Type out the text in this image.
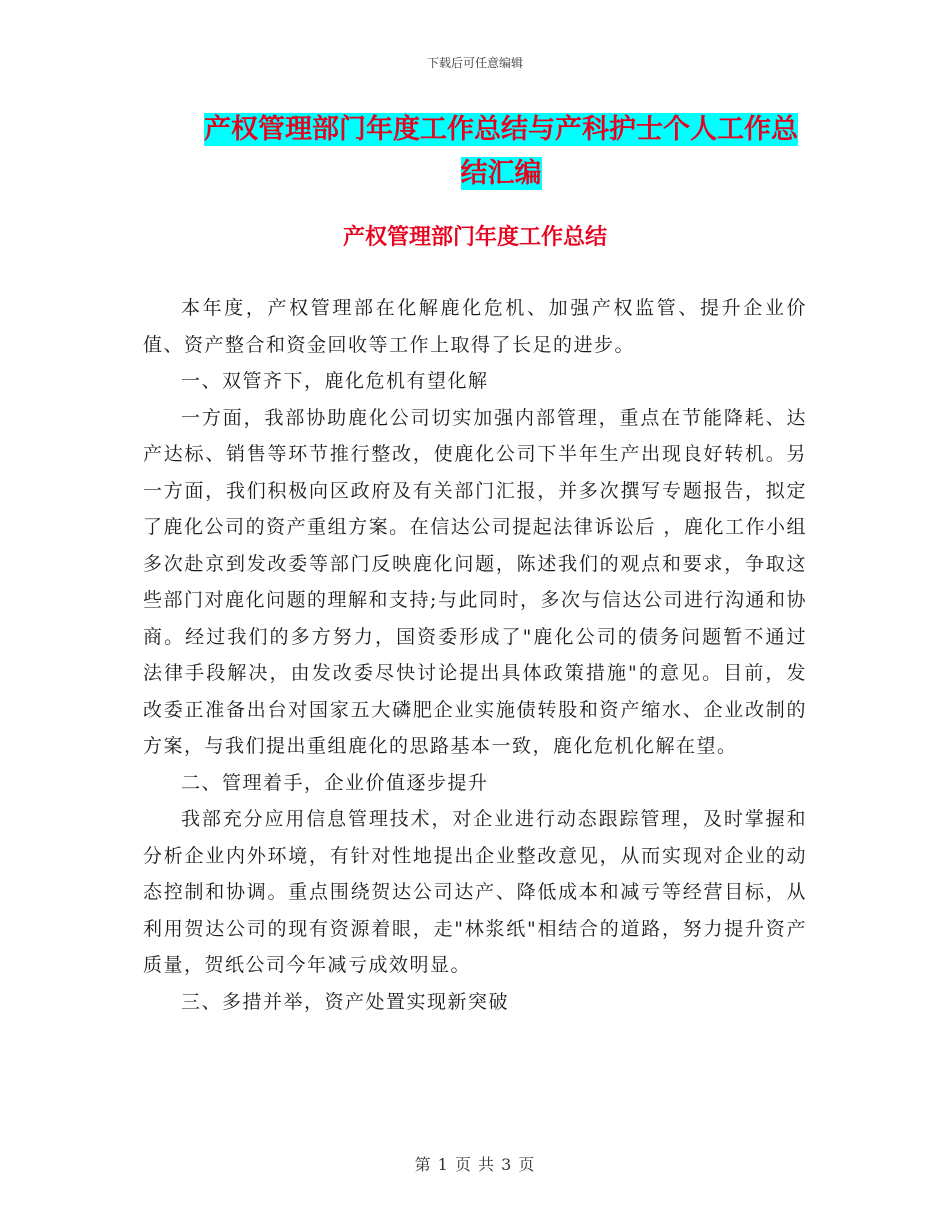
下载后可任意编辑
产权管理部门年度工作总结与产科护士个人工作总结汇编
产权管理部门年度工作总结

本年度，产权管理部在化解鹿化危机、加强产权监管、提升企业价值、资产整合和资金回收等工作上取得了长足的进步。

一、双管齐下，鹿化危机有望化解

一方面，我部协助鹿化公司切实加强内部管理，重点在节能降耗、达产达标、销售等环节推行整改，使鹿化公司下半年生产出现良好转机。另一方面，我们积极向区政府及有关部门汇报，并多次撰写专题报告，拟定了鹿化公司的资产重组方案。在信达公司提起法律诉讼后 ，鹿化工作小组多次赴京到发改委等部门反映鹿化问题，陈述我们的观点和要求，争取这些部门对鹿化问题的理解和支持;与此同时，多次与信达公司进行沟通和协商。经过我们的多方努力，国资委形成了"鹿化公司的债务问题暂不通过法律手段解决，由发改委尽快讨论提出具体政策措施"的意见。目前，发改委正准备出台对国家五大磷肥企业实施债转股和资产缩水、企业改制的方案，与我们提出重组鹿化的思路基本一致，鹿化危机化解在望。

二、管理着手，企业价值逐步提升

我部充分应用信息管理技术，对企业进行动态跟踪管理，及时掌握和分析企业内外环境，有针对性地提出企业整改意见，从而实现对企业的动态控制和协调。重点围绕贺达公司达产、降低成本和减亏等经营目标，从利用贺达公司的现有资源着眼，走"林浆纸"相结合的道路，努力提升资产质量，贺纸公司今年减亏成效明显。

三、多措并举，资产处置实现新突破

第 1 页 共 3 页
